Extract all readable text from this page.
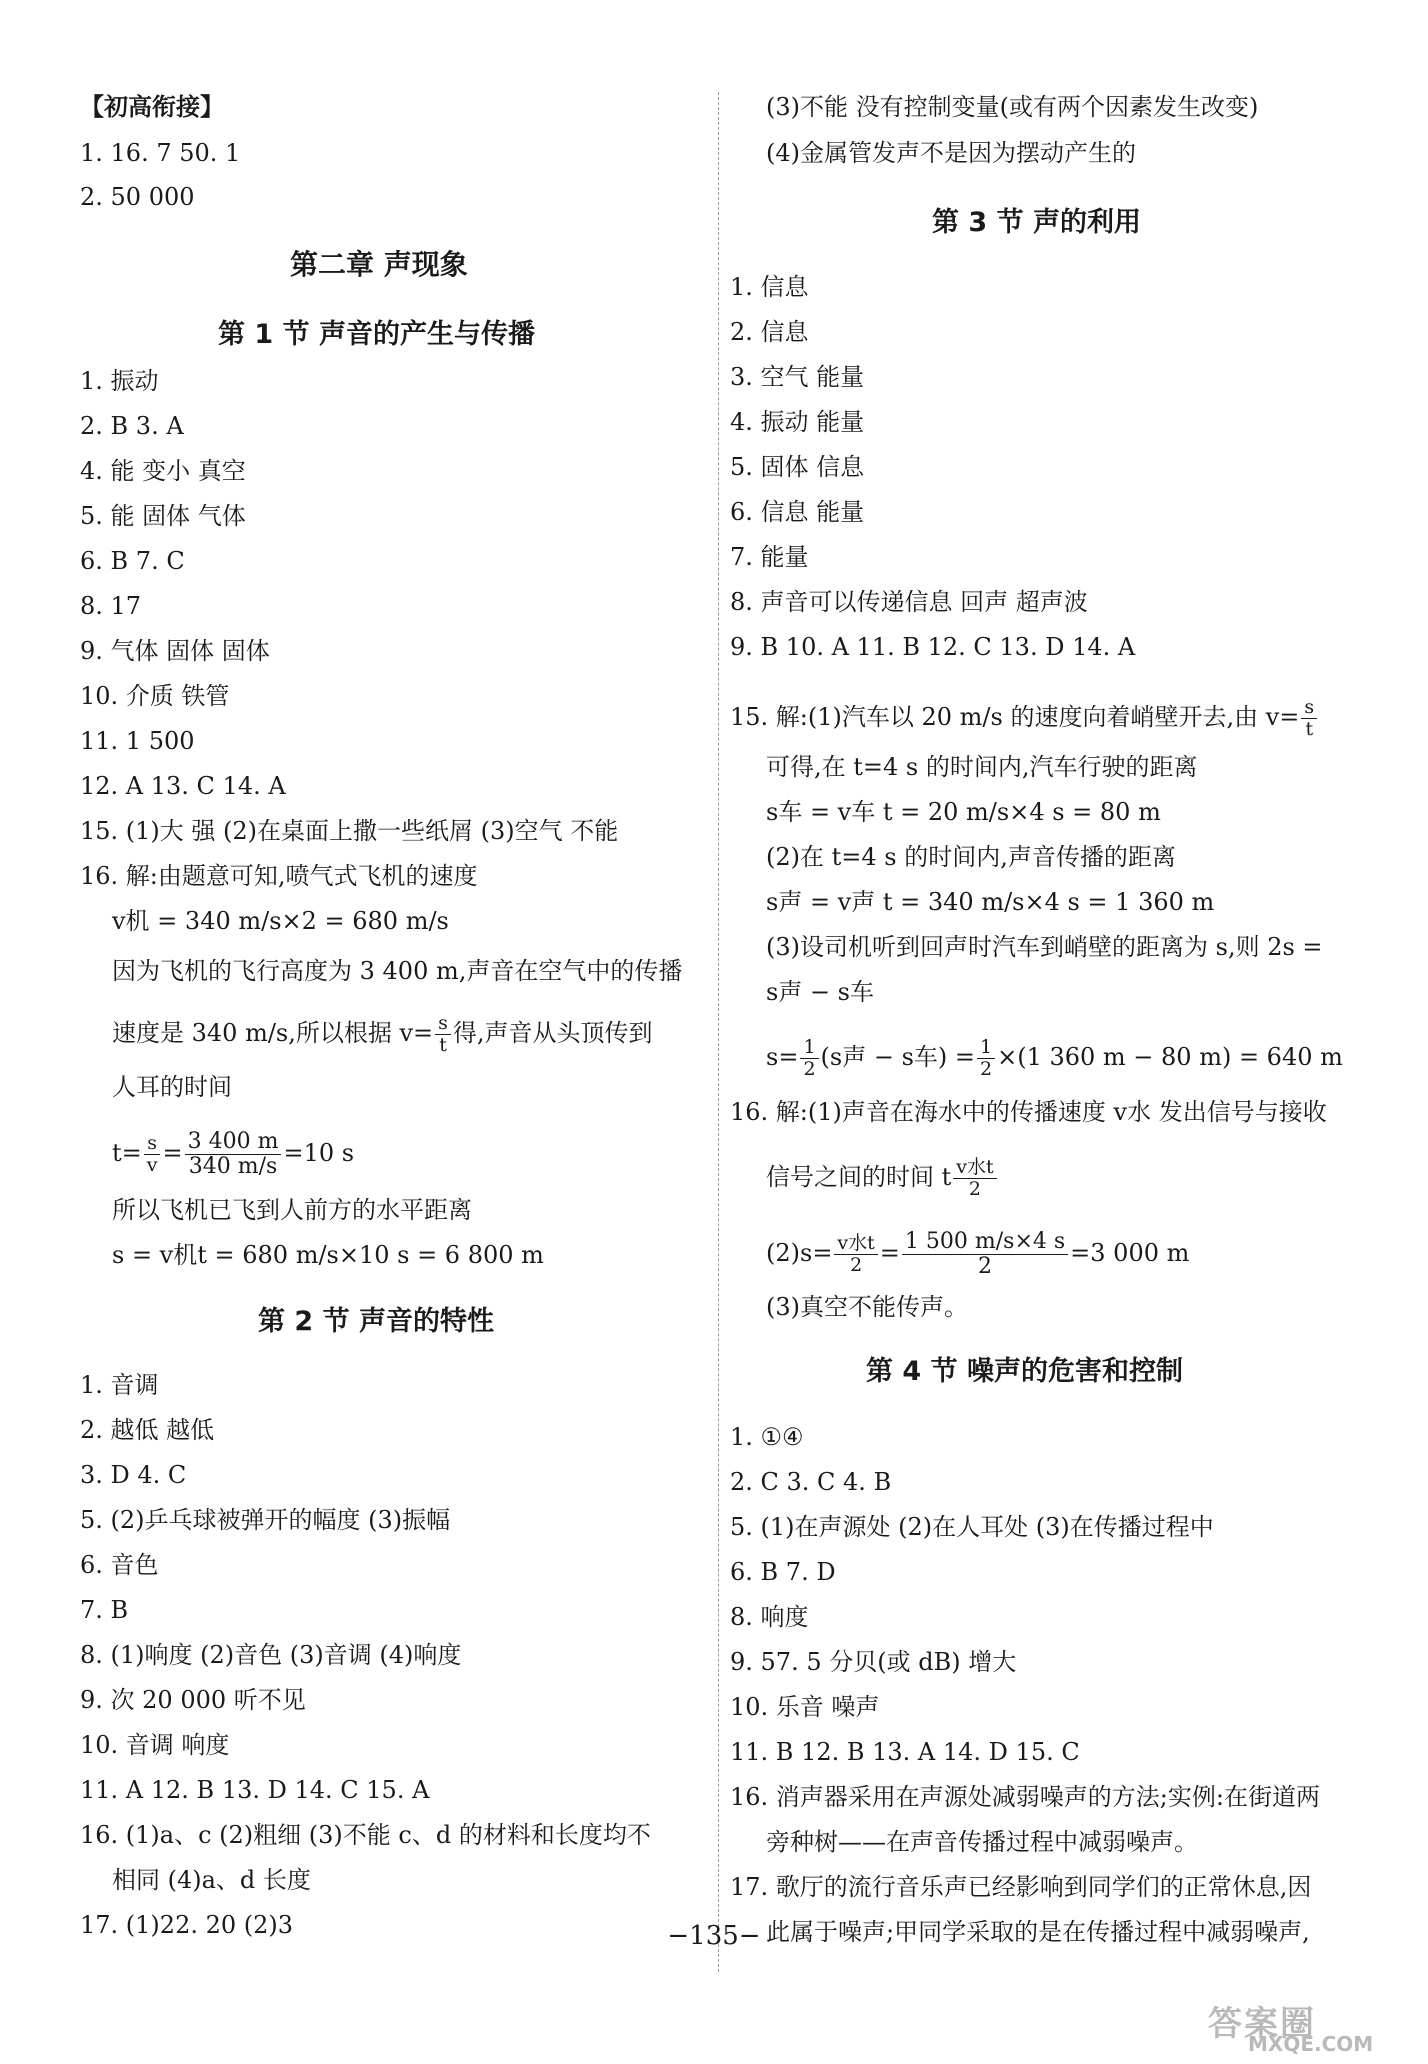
【初高衔接】
1. 16. 7 50. 1
2. 50 000
第二章 声现象
第 1 节 声音的产生与传播
1. 振动
2. B 3. A
4. 能 变小 真空
5. 能 固体 气体
6. B 7. C
8. 17
9. 气体 固体 固体
10. 介质 铁管
11. 1 500
12. A 13. C 14. A
15. (1)大 强 (2)在桌面上撒一些纸屑 (3)空气 不能
16. 解:由题意可知,喷气式飞机的速度
v机 = 340 m/s×2 = 680 m/s
因为飞机的飞行高度为 3 400 m,声音在空气中的传播
速度是 340 m/s,所以根据 $v= \frac{s}{t}$ 得,声音从头顶传到
人耳的时间
$t= \frac{s}{v} = \frac{3 400 m}{340 m/s} =10$ s
所以飞机已飞到人前方的水平距离
s = v机t = 680 m/s×10 s = 6 800 m
第 2 节 声音的特性
1. 音调
2. 越低 越低
3. D 4. C
5. (2)乒乓球被弹开的幅度 (3)振幅
6. 音色
7. B
8. (1)响度 (2)音色 (3)音调 (4)响度
9. 次 20 000 听不见
10. 音调 响度
11. A 12. B 13. D 14. C 15. A
16. (1)a、c (2)粗细 (3)不能 c、d 的材料和长度均不
相同 (4)a、d 长度
17. (1)22. 20 (2)3
(3)不能 没有控制变量(或有两个因素发生改变)
(4)金属管发声不是因为摆动产生的
第 3 节 声的利用
1. 信息
2. 信息
3. 空气 能量
4. 振动 能量
5. 固体 信息
6. 信息 能量
7. 能量
8. 声音可以传递信息 回声 超声波
9. B 10. A 11. B 12. C 13. D 14. A
15. 解:(1)汽车以 20 m/s 的速度向着峭壁开去,由 $v= \frac{s}{t}$
可得,在 t=4 s 的时间内,汽车行驶的距离
s车 = v车 t = 20 m/s×4 s = 80 m
(2)在 t=4 s 的时间内,声音传播的距离
s声 = v声 t = 340 m/s×4 s = 1 360 m
(3)设司机听到回声时汽车到峭壁的距离为 s,则 2s =
s声 − s车
$s= \frac{1}{2} (s$声 − s车) = $\frac{1}{2} \times(1$ 360 m − 80 m) = 640 m
16. 解:(1)声音在海水中的传播速度 v水 发出信号与接收
信号之间的时间 t $\frac{\text{v水t}}{2}$
$(2)s= \frac{\text{v水t}}{2} = \frac{1 500 m/s\times 4 s}{2} =3$ 000 m
(3)真空不能传声。
第 4 节 噪声的危害和控制
1. ①④
2. C 3. C 4. B
5. (1)在声源处 (2)在人耳处 (3)在传播过程中
6. B 7. D
8. 响度
9. 57. 5 分贝(或 dB) 增大
10. 乐音 噪声
11. B 12. B 13. A 14. D 15. C
16. 消声器采用在声源处减弱噪声的方法;实例:在街道两
旁种树——在声音传播过程中减弱噪声。
17. 歌厅的流行音乐声已经影响到同学们的正常休息,因
此属于噪声;甲同学采取的是在传播过程中减弱噪声,
−135−
答案圈
MXQE.COM
